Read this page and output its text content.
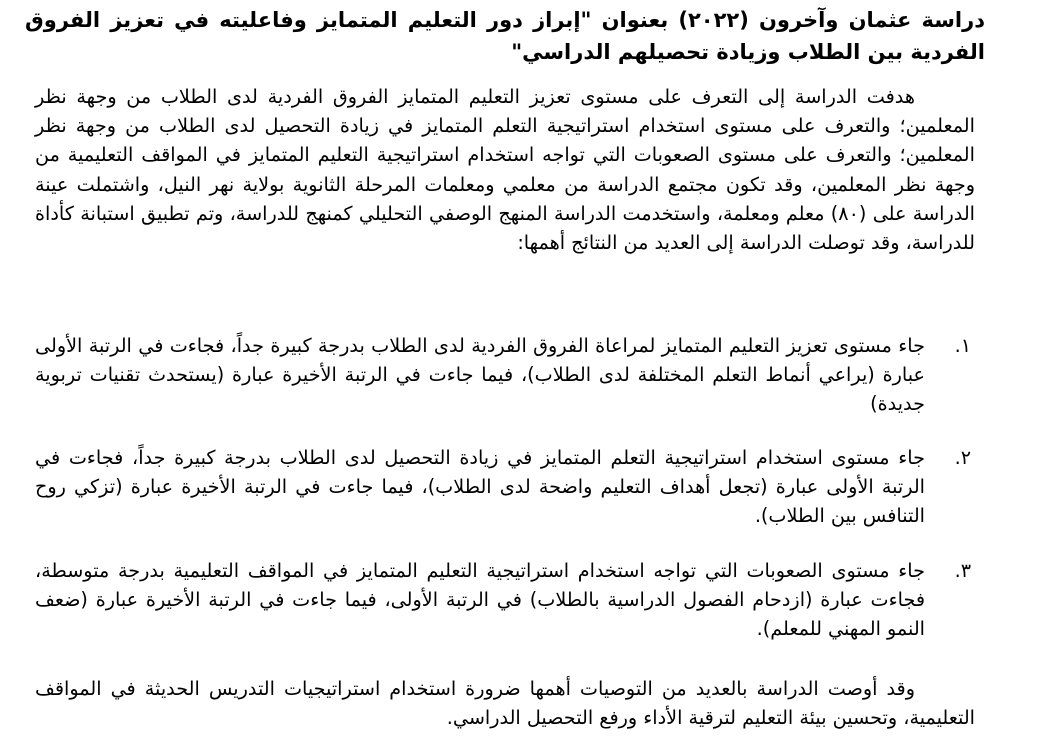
دراسة عثمان وآخرون (٢٠٢٢) بعنوان "إبراز دور التعليم المتمايز وفاعليته في تعزيز الفروق الفردية بين الطلاب وزيادة تحصيلهم الدراسي"

هدفت الدراسة إلى التعرف على مستوى تعزيز التعليم المتمايز الفروق الفردية لدى الطلاب من وجهة نظر المعلمين؛ والتعرف على مستوى استخدام استراتيجية التعلم المتمايز في زيادة التحصيل لدى الطلاب من وجهة نظر المعلمين؛ والتعرف على مستوى الصعوبات التي تواجه استخدام استراتيجية التعليم المتمايز في المواقف التعليمية من وجهة نظر المعلمين، وقد تكون مجتمع الدراسة من معلمي ومعلمات المرحلة الثانوية بولاية نهر النيل، واشتملت عينة الدراسة على (٨٠) معلم ومعلمة، واستخدمت الدراسة المنهج الوصفي التحليلي كمنهج للدراسة، وتم تطبيق استبانة كأداة للدراسة، وقد توصلت الدراسة إلى العديد من النتائج أهمها:

١.

جاء مستوى تعزيز التعليم المتمايز لمراعاة الفروق الفردية لدى الطلاب بدرجة كبيرة جداً، فجاءت في الرتبة الأولى عبارة (يراعي أنماط التعلم المختلفة لدى الطلاب)، فيما جاءت في الرتبة الأخيرة عبارة (يستحدث تقنيات تربوية جديدة)

٢.

جاء مستوى استخدام استراتيجية التعلم المتمايز في زيادة التحصيل لدى الطلاب بدرجة كبيرة جداً، فجاءت في الرتبة الأولى عبارة (تجعل أهداف التعليم واضحة لدى الطلاب)، فيما جاءت في الرتبة الأخيرة عبارة (تزكي روح التنافس بين الطلاب).

٣.

جاء مستوى الصعوبات التي تواجه استخدام استراتيجية التعليم المتمايز في المواقف التعليمية بدرجة متوسطة، فجاءت عبارة (ازدحام الفصول الدراسية بالطلاب) في الرتبة الأولى، فيما جاءت في الرتبة الأخيرة عبارة (ضعف النمو المهني للمعلم).

وقد أوصت الدراسة بالعديد من التوصيات أهمها ضرورة استخدام استراتيجيات التدريس الحديثة في المواقف التعليمية، وتحسين بيئة التعليم لترقية الأداء ورفع التحصيل الدراسي.
